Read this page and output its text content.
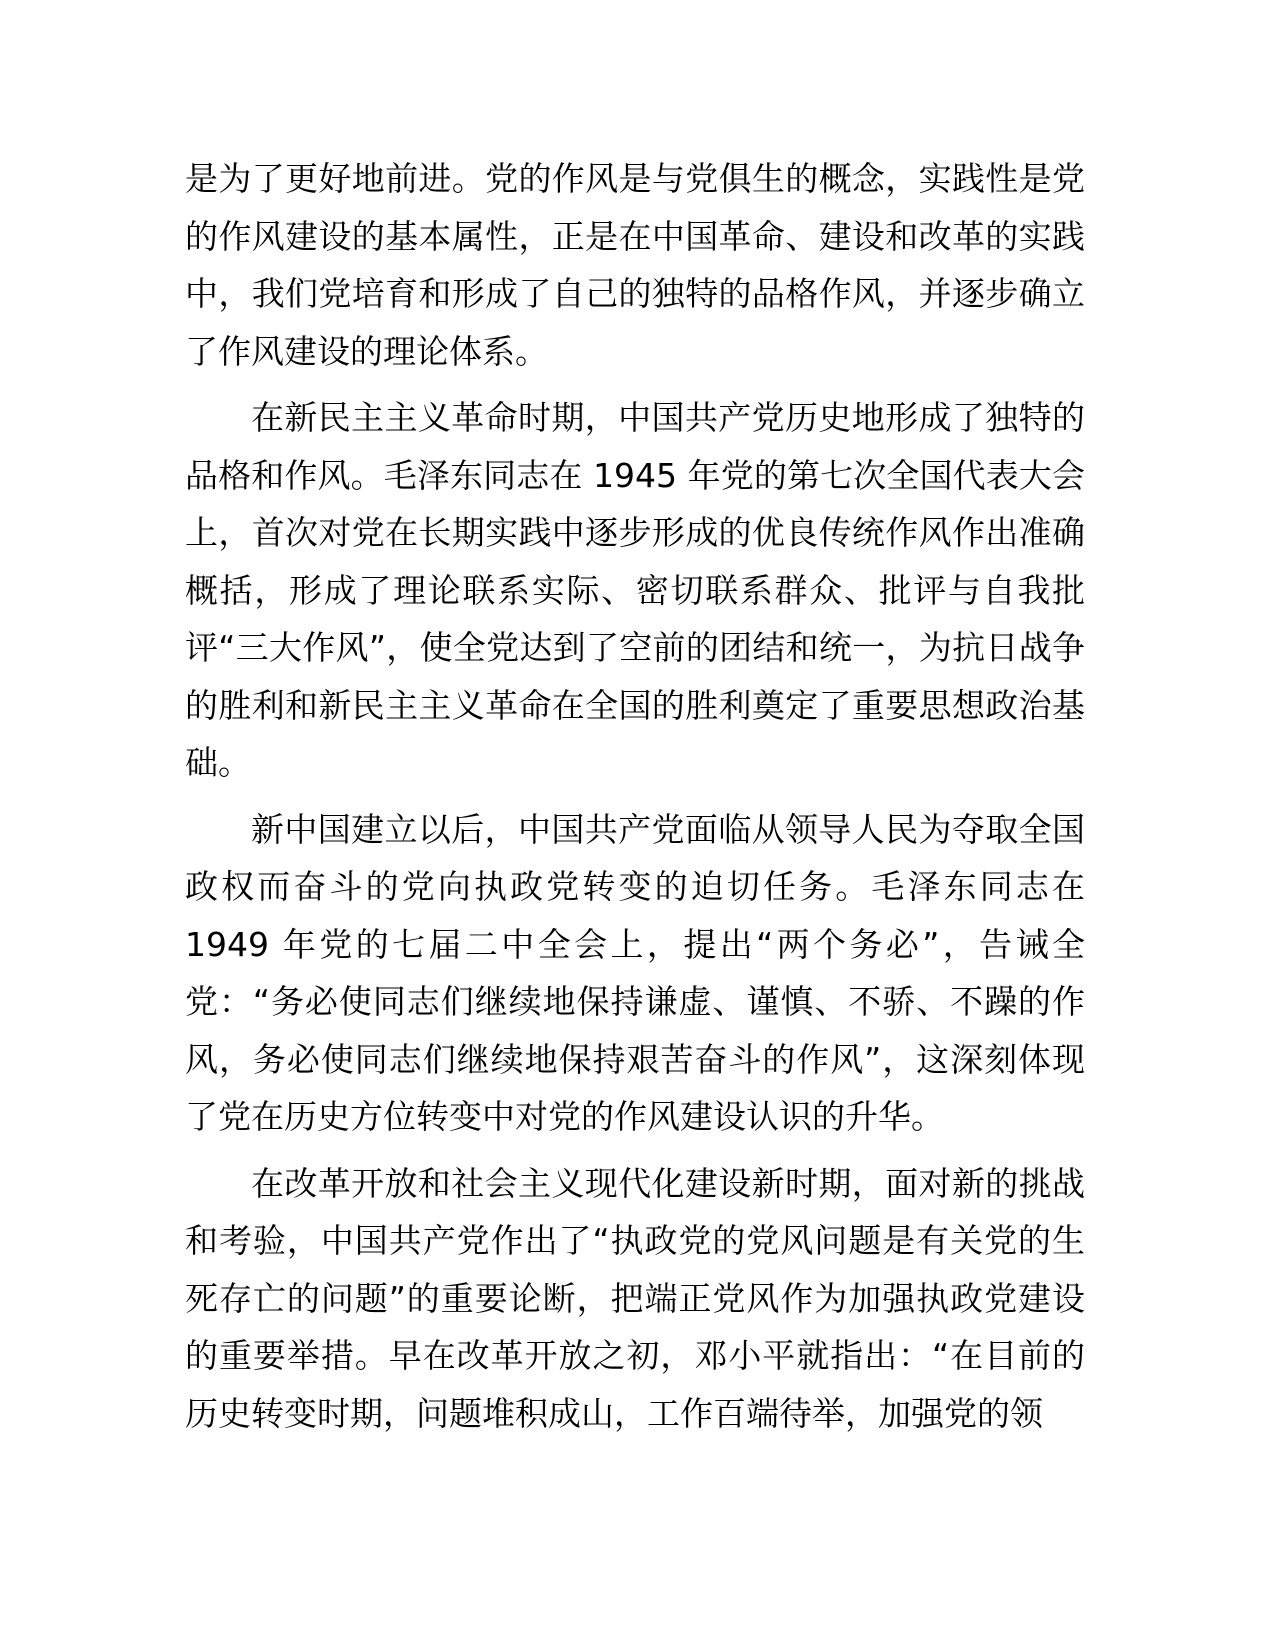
是为了更好地前进。党的作风是与党俱生的概念，实践性是党的作风建设的基本属性，正是在中国革命、建设和改革的实践中，我们党培育和形成了自己的独特的品格作风，并逐步确立了作风建设的理论体系。

在新民主主义革命时期，中国共产党历史地形成了独特的品格和作风。毛泽东同志在 1945 年党的第七次全国代表大会上，首次对党在长期实践中逐步形成的优良传统作风作出准确概括，形成了理论联系实际、密切联系群众、批评与自我批评“三大作风”，使全党达到了空前的团结和统一，为抗日战争的胜利和新民主主义革命在全国的胜利奠定了重要思想政治基础。

新中国建立以后，中国共产党面临从领导人民为夺取全国政权而奋斗的党向执政党转变的迫切任务。毛泽东同志在 1949 年党的七届二中全会上，提出“两个务必”，告诫全党：“务必使同志们继续地保持谦虚、谨慎、不骄、不躁的作风，务必使同志们继续地保持艰苦奋斗的作风”，这深刻体现了党在历史方位转变中对党的作风建设认识的升华。

在改革开放和社会主义现代化建设新时期，面对新的挑战和考验，中国共产党作出了“执政党的党风问题是有关党的生死存亡的问题”的重要论断，把端正党风作为加强执政党建设的重要举措。早在改革开放之初，邓小平就指出：“在目前的历史转变时期，问题堆积成山，工作百端待举，加强党的领
